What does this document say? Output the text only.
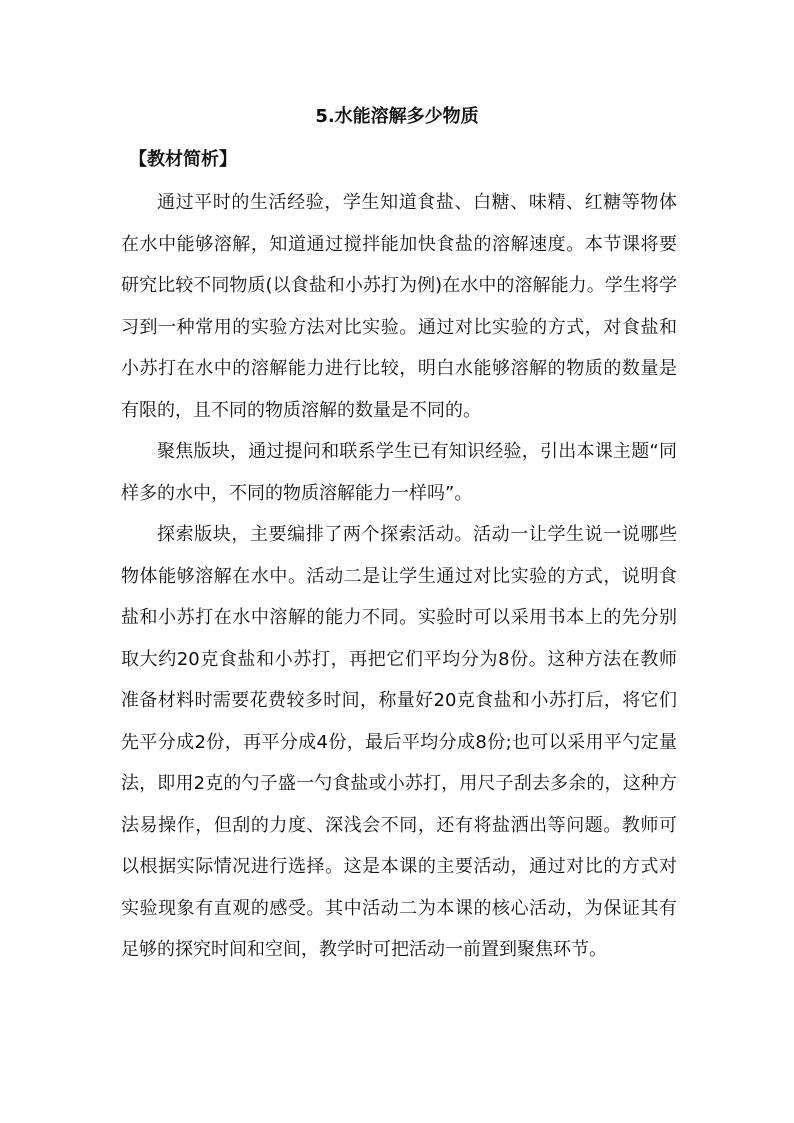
5.水能溶解多少物质
【教材简析】

通过平时的生活经验，学生知道食盐、白糖、味精、红糖等物体在水中能够溶解，知道通过搅拌能加快食盐的溶解速度。本节课将要研究比较不同物质(以食盐和小苏打为例)在水中的溶解能力。学生将学习到一种常用的实验方法对比实验。通过对比实验的方式，对食盐和小苏打在水中的溶解能力进行比较，明白水能够溶解的物质的数量是有限的，且不同的物质溶解的数量是不同的。

聚焦版块，通过提问和联系学生已有知识经验，引出本课主题“同样多的水中，不同的物质溶解能力一样吗”。

探索版块，主要编排了两个探索活动。活动一让学生说一说哪些物体能够溶解在水中。活动二是让学生通过对比实验的方式，说明食盐和小苏打在水中溶解的能力不同。实验时可以采用书本上的先分别取大约20克食盐和小苏打，再把它们平均分为8份。这种方法在教师准备材料时需要花费较多时间，称量好20克食盐和小苏打后，将它们先平分成2份，再平分成4份，最后平均分成8份;也可以采用平勺定量法，即用2克的勺子盛一勺食盐或小苏打，用尺子刮去多余的，这种方法易操作，但刮的力度、深浅会不同，还有将盐洒出等问题。教师可以根据实际情况进行选择。这是本课的主要活动，通过对比的方式对实验现象有直观的感受。其中活动二为本课的核心活动，为保证其有足够的探究时间和空间，教学时可把活动一前置到聚焦环节。
